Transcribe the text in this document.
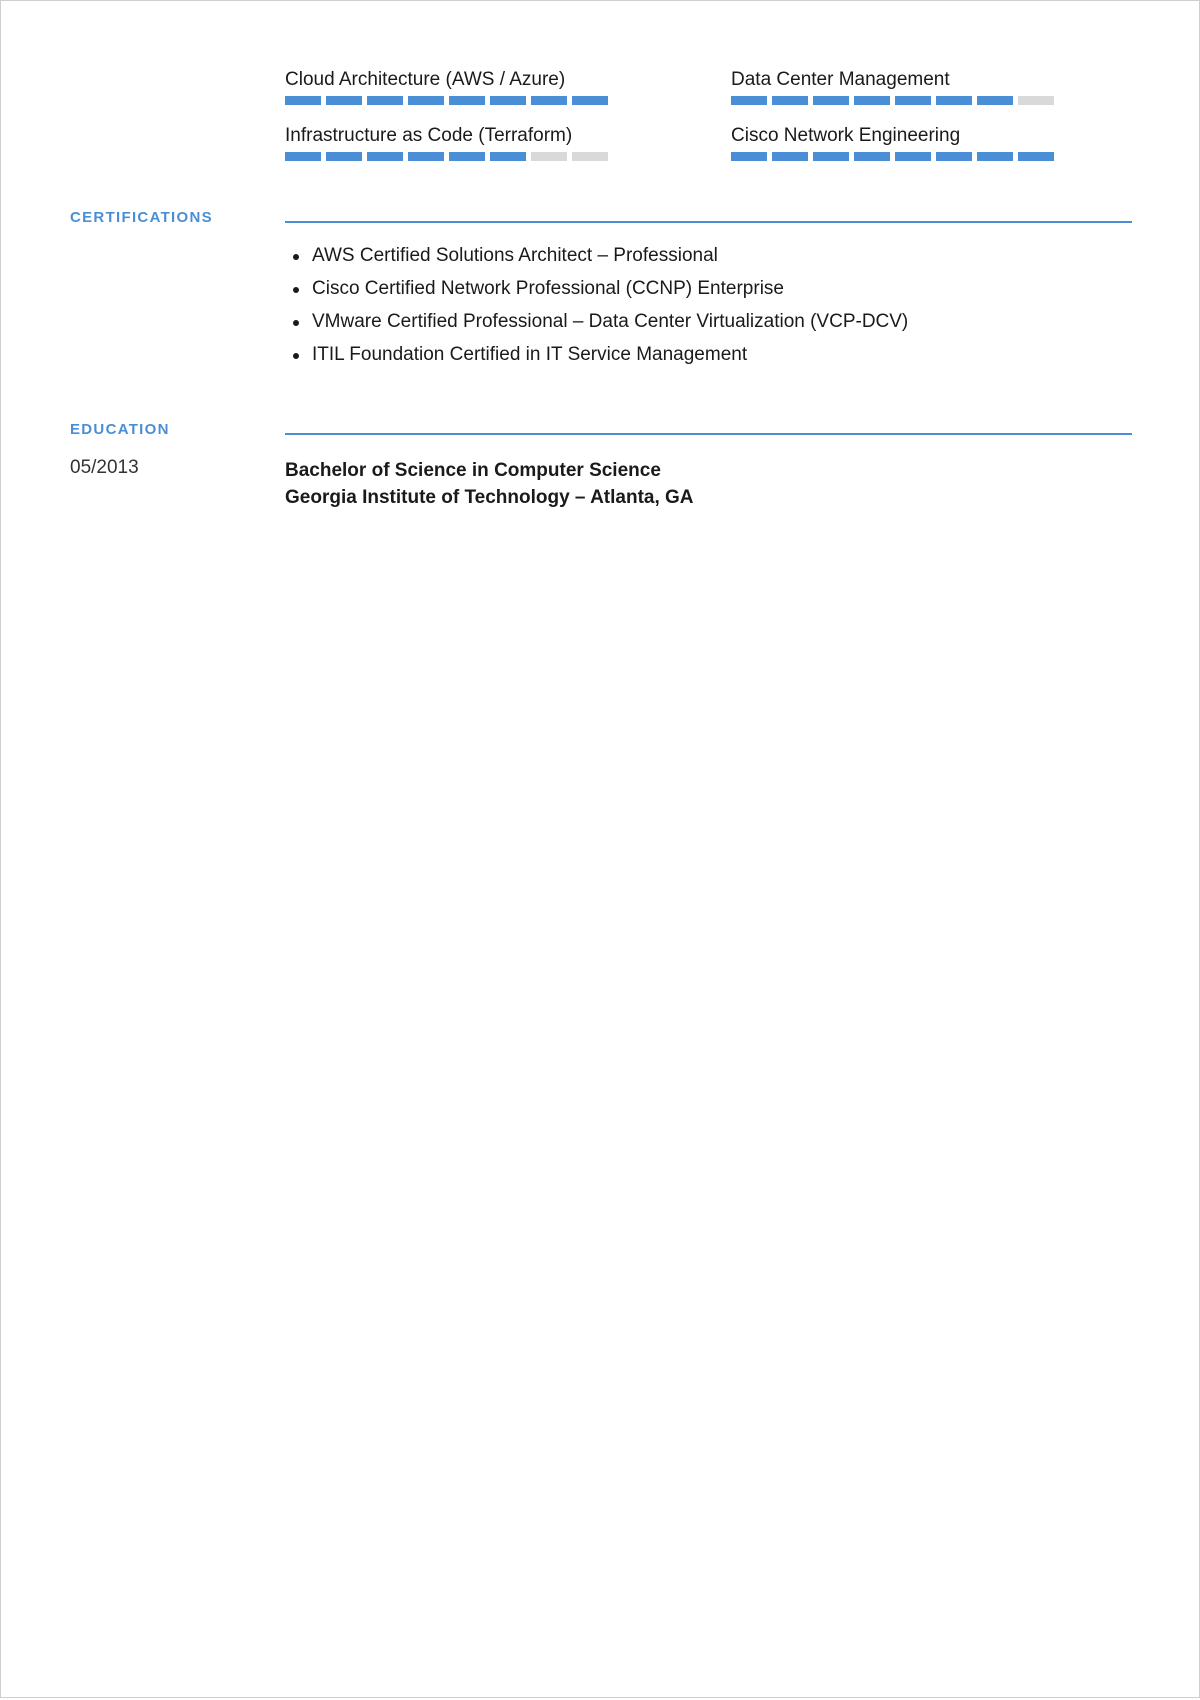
Cloud Architecture (AWS / Azure)	Data Center Management
Infrastructure as Code (Terraform)	Cisco Network Engineering
CERTIFICATIONS
AWS Certified Solutions Architect – Professional
Cisco Certified Network Professional (CCNP) Enterprise
VMware Certified Professional – Data Center Virtualization (VCP-DCV)
ITIL Foundation Certified in IT Service Management
EDUCATION
05/2013	Bachelor of Science in Computer Science
Georgia Institute of Technology – Atlanta, GA
